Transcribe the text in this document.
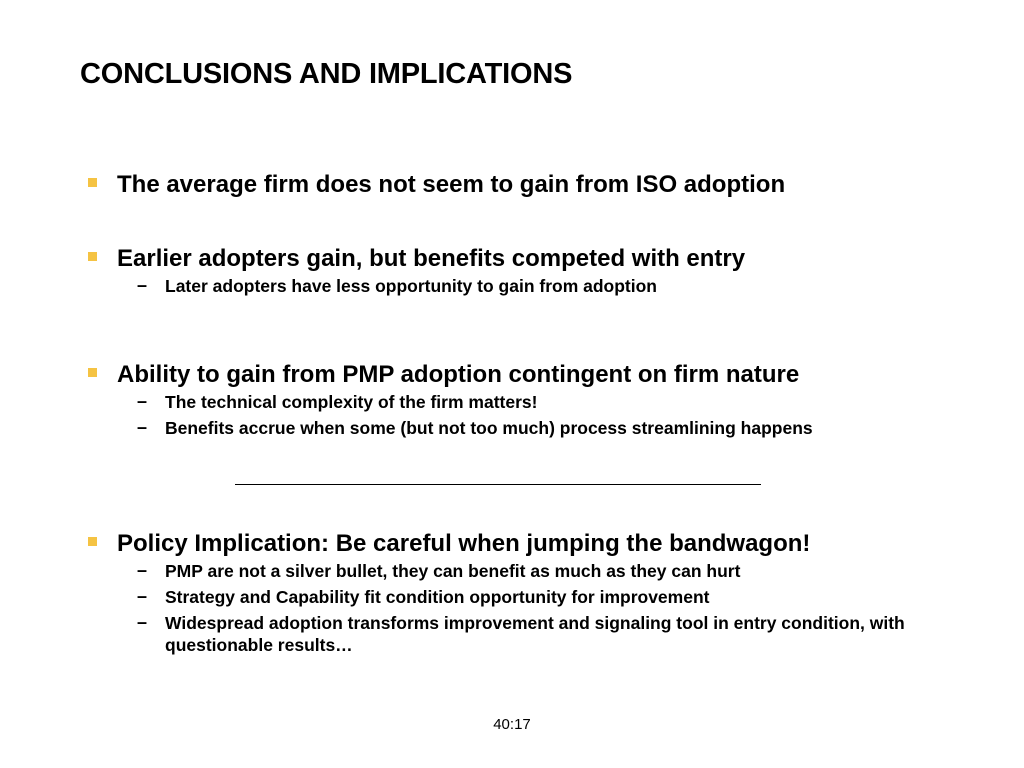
CONCLUSIONS AND IMPLICATIONS
The average firm does not seem to gain from ISO adoption
Earlier adopters gain, but benefits competed with entry
– Later adopters have less opportunity to gain from adoption
Ability to gain from PMP adoption contingent on firm nature
– The technical complexity of the firm matters!
– Benefits accrue when some (but not too much) process streamlining happens
Policy Implication: Be careful when jumping the bandwagon!
– PMP are not a silver bullet, they can benefit as much as they can hurt
– Strategy and Capability fit condition opportunity for improvement
– Widespread adoption transforms improvement and signaling tool in entry condition, with questionable results…
40:17
